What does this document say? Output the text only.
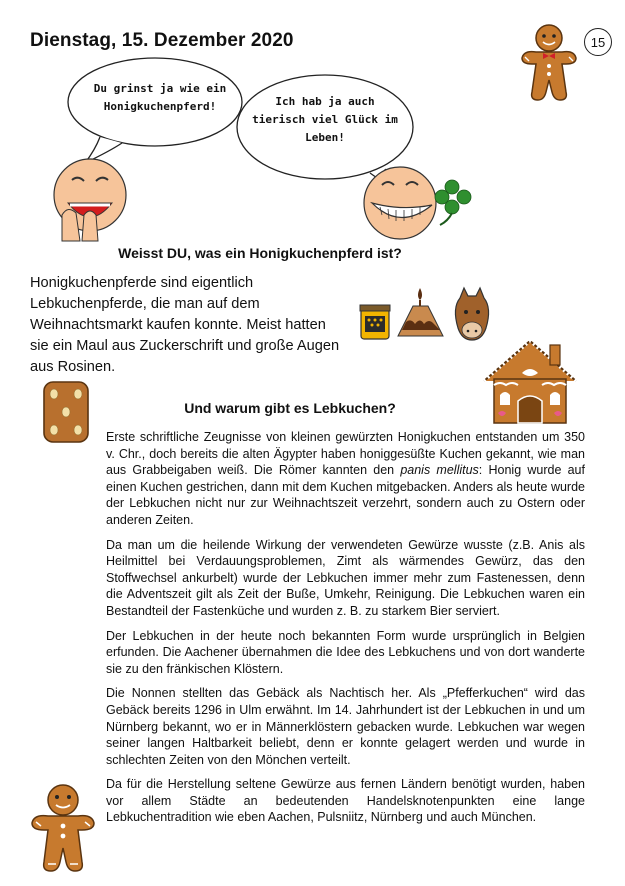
Dienstag, 15. Dezember 2020	15
Du grinst ja wie ein
Honigkuchenpferd!	Ich hab ja auch
tierisch viel Glück im
Leben!
Weisst DU, was ein Honigkuchenpferd ist?
Honigkuchenpferde sind eigentlich Lebkuchenpferde, die man auf dem Weihnachtsmarkt kaufen konnte. Meist hatten sie ein Maul aus Zuckerschrift und große Augen aus Rosinen.
Und warum gibt es Lebkuchen?

Erste schriftliche Zeugnisse von kleinen gewürzten Honigkuchen entstanden um 350 v. Chr., doch bereits die alten Ägypter haben honiggesüßte Kuchen gekannt, wie man aus Grabbeigaben weiß. Die Römer kannten den panis mellitus: Honig wurde auf einen Kuchen gestrichen, dann mit dem Kuchen mitgebacken. Anders als heute wurde der Lebkuchen nicht nur zur Weihnachtszeit verzehrt, sondern auch zu Ostern oder anderen Zeiten.

Da man um die heilende Wirkung der verwendeten Gewürze wusste (z.B. Anis als Heilmittel bei Verdauungsproblemen, Zimt als wärmendes Gewürz, das den Stoffwechsel ankurbelt) wurde der Lebkuchen immer mehr zum Fastenessen, denn die Adventszeit gilt als Zeit der Buße, Umkehr, Reinigung. Die Lebkuchen waren ein Bestandteil der Fastenküche und wurden z. B. zu starkem Bier serviert.

Der Lebkuchen in der heute noch bekannten Form wurde ursprünglich in Belgien erfunden. Die Aachener übernahmen die Idee des Lebkuchens und von dort wanderte sie zu den fränkischen Klöstern.

Die Nonnen stellten das Gebäck als Nachtisch her. Als „Pfefferkuchen“ wird das Gebäck bereits 1296 in Ulm erwähnt. Im 14. Jahrhundert ist der Lebkuchen in und um Nürnberg bekannt, wo er in Männerklöstern gebacken wurde. Lebkuchen war wegen seiner langen Haltbarkeit beliebt, denn er konnte gelagert werden und wurde in schlechten Zeiten von den Mönchen verteilt.

Da für die Herstellung seltene Gewürze aus fernen Ländern benötigt wurden, haben vor allem Städte an bedeutenden Handelsknotenpunkten eine lange Lebkuchentradition wie eben Aachen, Pulsniitz, Nürnberg und auch München.
